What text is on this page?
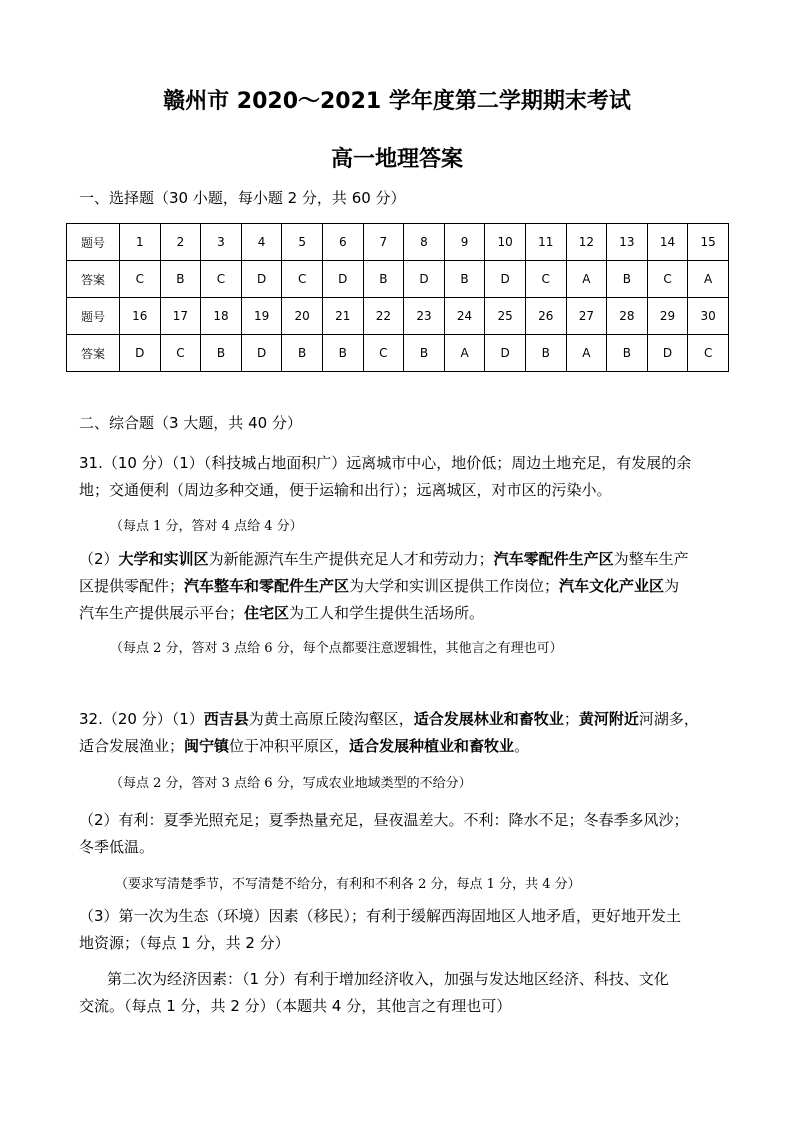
赣州市 2020～2021 学年度第二学期期末考试
高一地理答案
一、选择题（30 小题，每小题 2 分，共 60 分）
题号	1	2	3	4	5	6	7	8	9	10	11	12	13	14	15
答案	C	B	C	D	C	D	B	D	B	D	C	A	B	C	A
题号	16	17	18	19	20	21	22	23	24	25	26	27	28	29	30
答案	D	C	B	D	B	B	C	B	A	D	B	A	B	D	C
二、综合题（3 大题，共 40 分）
31.（10 分）（1）（科技城占地面积广）远离城市中心，地价低；周边土地充足，有发展的余
地；交通便利（周边多种交通，便于运输和出行）；远离城区，对市区的污染小。
（每点 1 分，答对 4 点给 4 分）
（2）大学和实训区为新能源汽车生产提供充足人才和劳动力；汽车零配件生产区为整车生产
区提供零配件；汽车整车和零配件生产区为大学和实训区提供工作岗位；汽车文化产业区为
汽车生产提供展示平台；住宅区为工人和学生提供生活场所。
（每点 2 分，答对 3 点给 6 分，每个点都要注意逻辑性，其他言之有理也可）
32.（20 分）（1）西吉县为黄土高原丘陵沟壑区，适合发展林业和畜牧业；黄河附近河湖多，
适合发展渔业；闽宁镇位于冲积平原区，适合发展种植业和畜牧业。
（每点 2 分，答对 3 点给 6 分，写成农业地域类型的不给分）
（2）有利：夏季光照充足；夏季热量充足，昼夜温差大。不利：降水不足；冬春季多风沙；
冬季低温。
（要求写清楚季节，不写清楚不给分，有利和不利各 2 分，每点 1 分，共 4 分）
（3）第一次为生态（环境）因素（移民）；有利于缓解西海固地区人地矛盾，更好地开发土
地资源；（每点 1 分，共 2 分）
第二次为经济因素：（1 分）有利于增加经济收入，加强与发达地区经济、科技、文化
交流。（每点 1 分，共 2 分）（本题共 4 分，其他言之有理也可）
